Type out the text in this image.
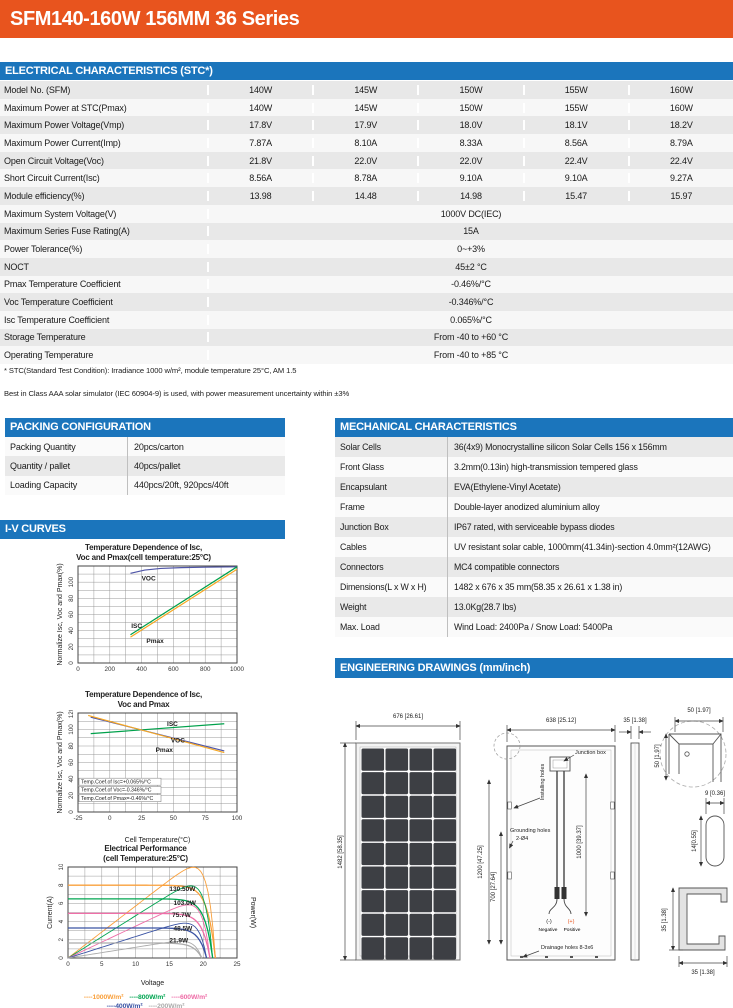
SFM140-160W 156MM 36 Series
ELECTRICAL CHARACTERISTICS (STC*)
Model No. (SFM)	140W	145W	150W	155W	160W
Maximum Power at STC(Pmax)	140W	145W	150W	155W	160W
Maximum Power Voltage(Vmp)	17.8V	17.9V	18.0V	18.1V	18.2V
Maximum Power Current(Imp)	7.87A	8.10A	8.33A	8.56A	8.79A
Open Circuit Voltage(Voc)	21.8V	22.0V	22.0V	22.4V	22.4V
Short Circuit Current(Isc)	8.56A	8.78A	9.10A	9.10A	9.27A
Module efficiency(%)	13.98	14.48	14.98	15.47	15.97
Maximum System Voltage(V)	1000V DC(IEC)
Maximum Series Fuse Rating(A)	15A
Power Tolerance(%)	0~+3%
NOCT	45±2 °C
Pmax Temperature Coefficient	-0.46%/°C
Voc Temperature Coefficient	-0.346%/°C
Isc Temperature Coefficient	0.065%/°C
Storage Temperature	From -40 to +60 °C
Operating Temperature	From -40 to +85 °C
* STC(Standard Test Condition): Irradiance 1000 w/m², module temperature 25°C, AM 1.5
Best in Class AAA solar simulator (IEC 60904-9) is used, with power measurement uncertainty within ±3%
PACKING CONFIGURATION
Packing Quantity	20pcs/carton
Quantity / pallet	40pcs/pallet
Loading Capacity	440pcs/20ft, 920pcs/40ft
MECHANICAL CHARACTERISTICS
Solar Cells	36(4x9) Monocrystalline silicon Solar Cells 156 x 156mm
Front Glass	3.2mm(0.13in) high-transmission tempered glass
Encapsulant	EVA(Ethylene-Vinyl Acetate)
Frame	Double-layer anodized aluminium alloy
Junction Box	IP67 rated, with serviceable bypass diodes
Cables	UV resistant solar cable, 1000mm(41.34in)-section 4.0mm²(12AWG)
Connectors	MC4 compatible connectors
Dimensions(L x W x H)	1482 x 676 x 35 mm(58.35 x 26.61 x 1.38 in)
Weight	13.0Kg(28.7 lbs)
Max. Load	Wind Load: 2400Pa / Snow Load: 5400Pa
I-V CURVES
Temperature Dependence of Isc,
Voc and Pmax(cell temperature:25°C)
0	200	400	600	800	1000
0
20
40
60
80
100
Normalize Isc, Voc and Pmax(%)	VOC
ISC
Pmax
Temperature Dependence of Isc,
Voc and Pmax
-25	0	25	50	75	100
0
20
40
60
80
100
120
Normalize Isc, Voc and Pmax(%)
Cell Temperature(°C)
ISC
VOC
Pmax
Temp.Coef.of Isc=+0.065%/°C
Temp.Coef.of Voc=-0.346%/°C
Temp.Coef.of Pmax=-0.46%/°C
Electrical Performance
(cell Temperature:25°C)
0	5	10	15	20	25
0
2
4
6
8
10
Current(A)	Power(W)
Voltage
130.50W
103.0W
75.7W
48.5W
21.9W
----1000W/m² ----800W/m² ----600W/m²
----400W/m² ----200W/m²
ENGINEERING DRAWINGS (mm/inch)
676 [26.61]
1482 [58.35]
638 [25.12]
Junction box
(-)	(+)
Negative Positive
Installing holes
Grounding holes
2-Ø4
1200 [47.25]
700 [27.64]
1000 [39.37]
Drainage holes 8-3x6
35 [1.38]
50 [1.97]
50 [1.97]
9 [0.36]
14[0.55]
35 [1.38]
35 [1.38]
